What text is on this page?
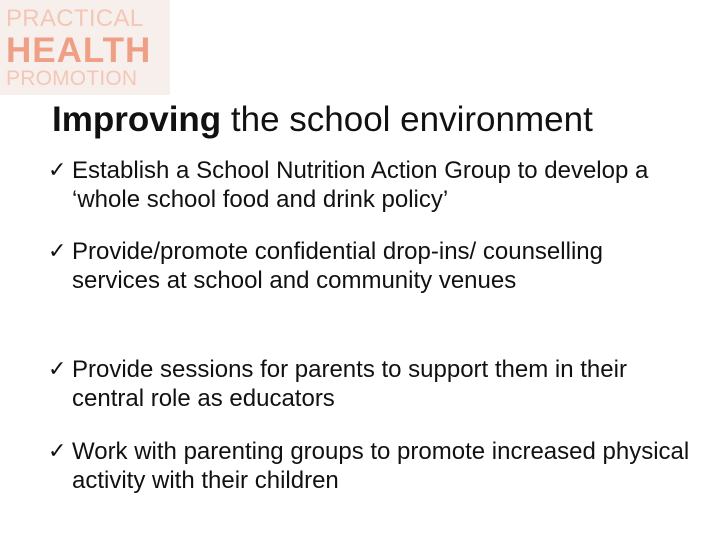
PRACTICAL
HEALTH
PROMOTION
Improving the school environment
✓ Establish a School Nutrition Action Group to develop a ‘whole school food and drink policy’
✓ Provide/promote confidential drop-ins/ counselling services at school and community venues
✓ Provide sessions for parents to support them in their central role as educators
✓ Work with parenting groups to promote increased physical activity with their children
